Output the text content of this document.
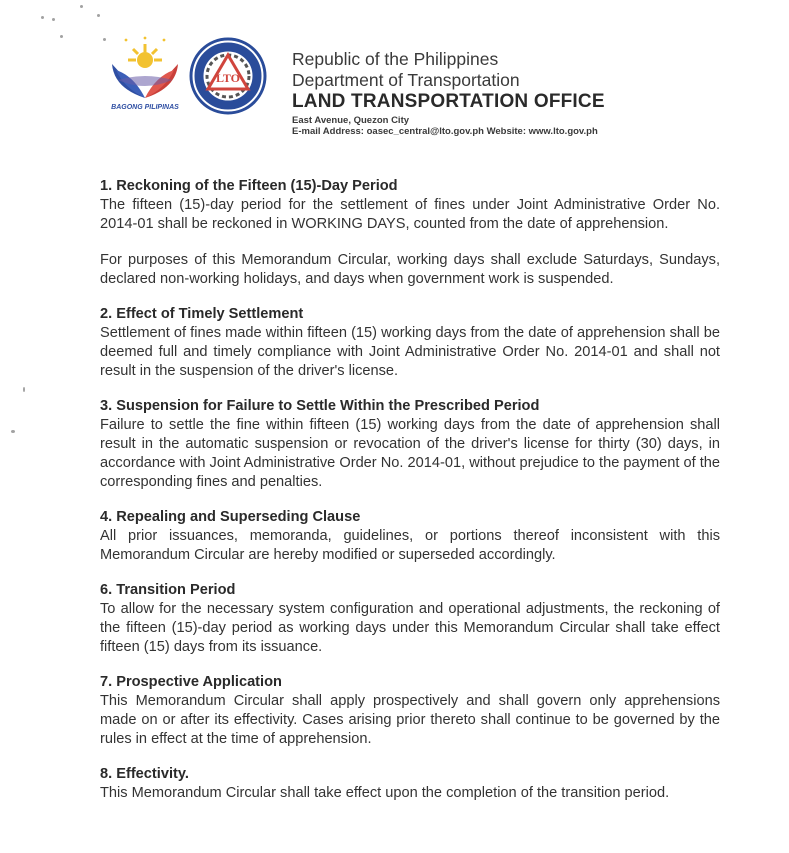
BAGONG PILIPINAS
LTO
Republic of the Philippines
Department of Transportation
LAND TRANSPORTATION OFFICE
East Avenue, Quezon City
E-mail Address: oasec_central@lto.gov.ph Website: www.lto.gov.ph
1. Reckoning of the Fifteen (15)-Day Period

The fifteen (15)-day period for the settlement of fines under Joint Administrative Order No. 2014-01 shall be reckoned in WORKING DAYS, counted from the date of apprehension.

For purposes of this Memorandum Circular, working days shall exclude Saturdays, Sundays, declared non-working holidays, and days when government work is suspended.

2. Effect of Timely Settlement

Settlement of fines made within fifteen (15) working days from the date of apprehension shall be deemed full and timely compliance with Joint Administrative Order No. 2014-01 and shall not result in the suspension of the driver's license.

3. Suspension for Failure to Settle Within the Prescribed Period

Failure to settle the fine within fifteen (15) working days from the date of apprehension shall result in the automatic suspension or revocation of the driver's license for thirty (30) days, in accordance with Joint Administrative Order No. 2014-01, without prejudice to the payment of the corresponding fines and penalties.

4. Repealing and Superseding Clause

All prior issuances, memoranda, guidelines, or portions thereof inconsistent with this Memorandum Circular are hereby modified or superseded accordingly.

6. Transition Period

To allow for the necessary system configuration and operational adjustments, the reckoning of the fifteen (15)-day period as working days under this Memorandum Circular shall take effect fifteen (15) days from its issuance.

7. Prospective Application

This Memorandum Circular shall apply prospectively and shall govern only apprehensions made on or after its effectivity. Cases arising prior thereto shall continue to be governed by the rules in effect at the time of apprehension.

8. Effectivity.

This Memorandum Circular shall take effect upon the completion of the transition period.
